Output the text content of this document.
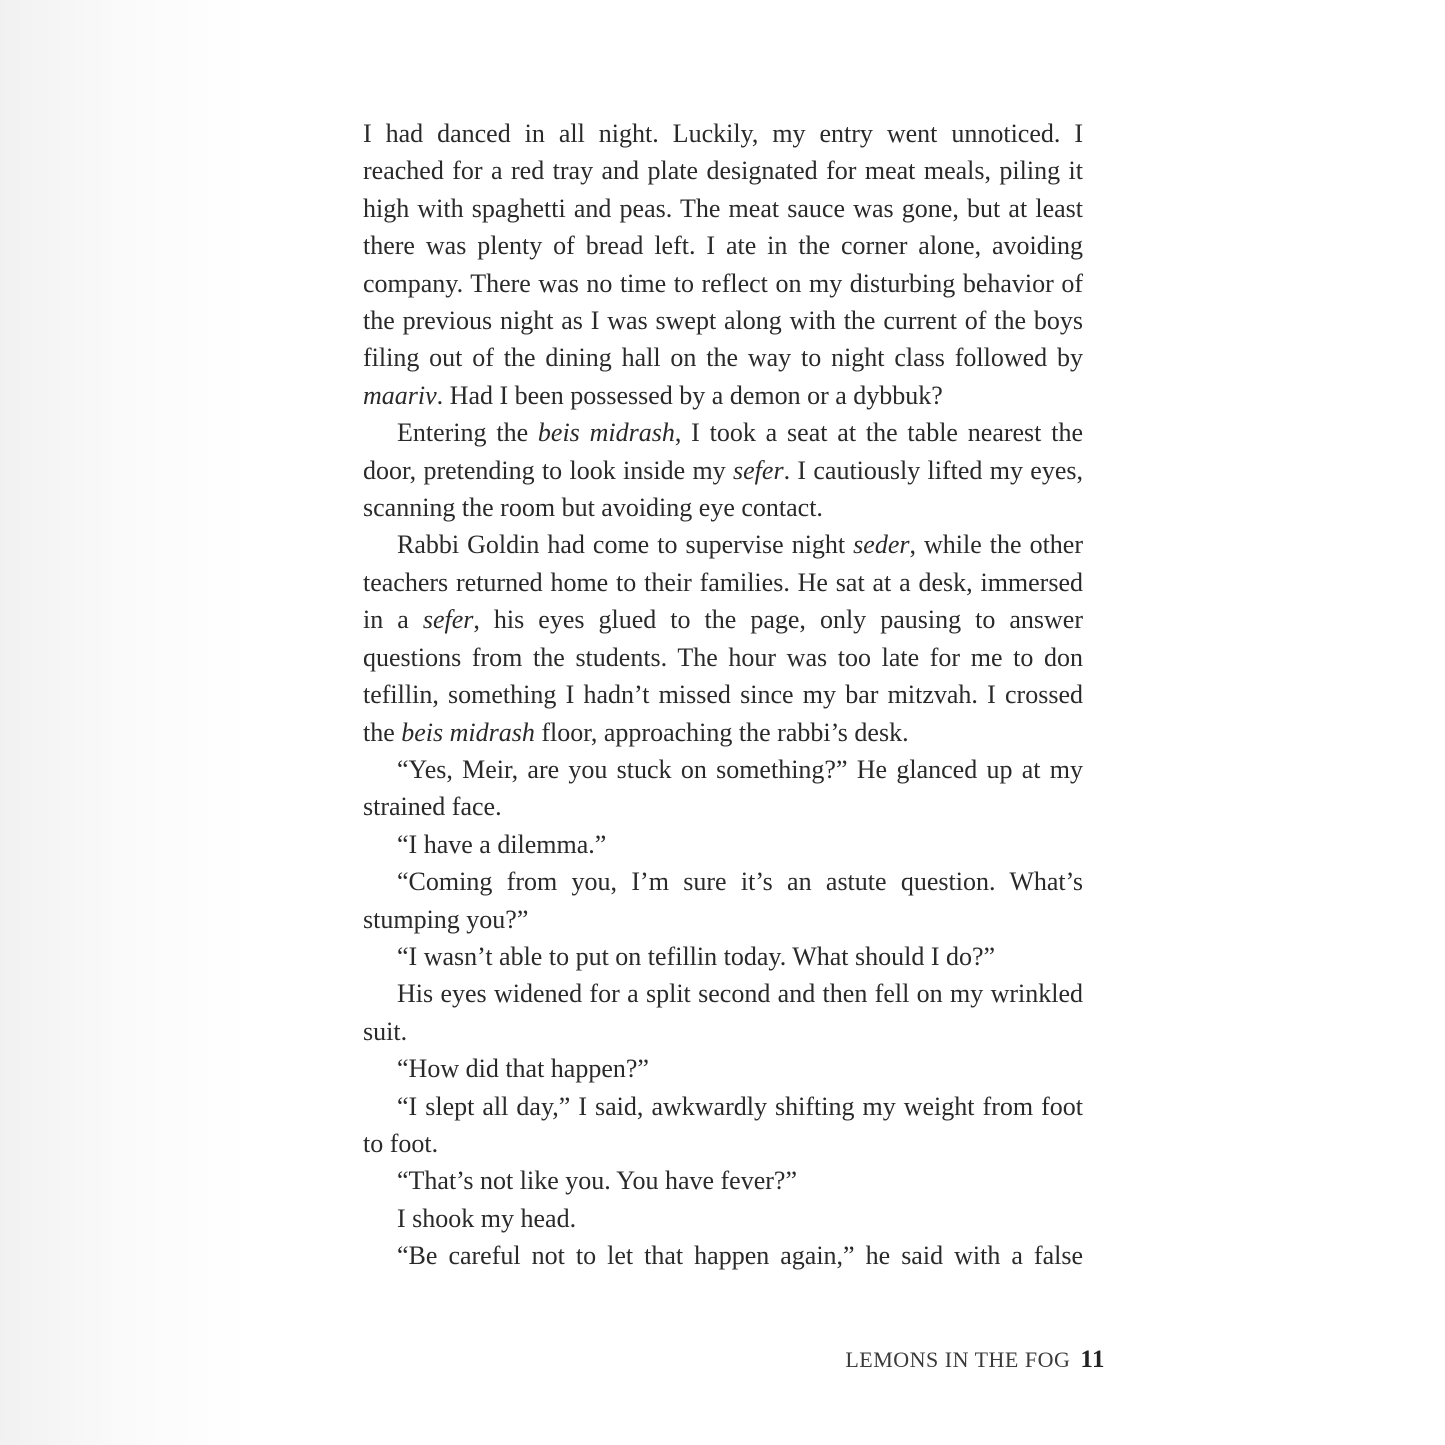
I had danced in all night. Luckily, my entry went unnoticed. I reached for a red tray and plate designated for meat meals, piling it high with spaghetti and peas. The meat sauce was gone, but at least there was plenty of bread left. I ate in the corner alone, avoiding company. There was no time to reflect on my disturbing behavior of the previous night as I was swept along with the current of the boys filing out of the dining hall on the way to night class followed by maariv. Had I been possessed by a demon or a dybbuk?

Entering the beis midrash, I took a seat at the table nearest the door, pretending to look inside my sefer. I cautiously lifted my eyes, scanning the room but avoiding eye contact.

Rabbi Goldin had come to supervise night seder, while the other teachers returned home to their families. He sat at a desk, immersed in a sefer, his eyes glued to the page, only pausing to answer questions from the students. The hour was too late for me to don tefillin, something I hadn’t missed since my bar mitzvah. I crossed the beis midrash floor, approaching the rabbi’s desk.

“Yes, Meir, are you stuck on something?” He glanced up at my strained face.

“I have a dilemma.”

“Coming from you, I’m sure it’s an astute question. What’s stumping you?”

“I wasn’t able to put on tefillin today. What should I do?”

His eyes widened for a split second and then fell on my wrinkled suit.

“How did that happen?”

“I slept all day,” I said, awkwardly shifting my weight from foot to foot.

“That’s not like you. You have fever?”

I shook my head.

“Be careful not to let that happen again,” he said with a false

LEMONS IN THE FOG 11
